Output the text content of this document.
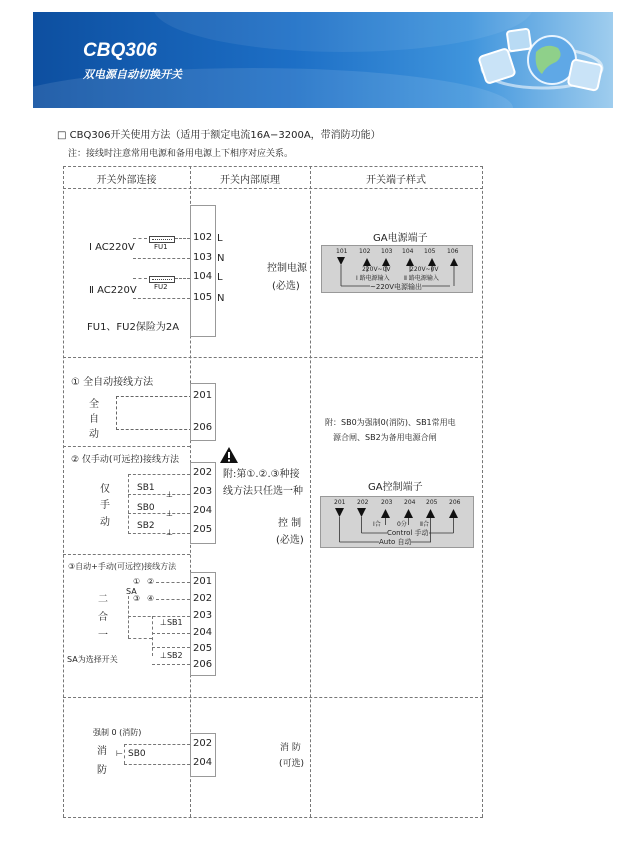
CBQ306
双电源自动切换开关
□ CBQ306开关使用方法（适用于额定电流16A−3200A，带消防功能）
注：接线时注意常用电源和备用电源上下相序对应关系。
开关外部连接	开关内部原理	开关端子样式
Ⅰ AC220V
Ⅱ AC220V
FU1
FU2
FU1、FU2保险为2A
102 L
103 N
104 L
105 N
控制电源
(必选)
GA电源端子
101 102 103 104 105 106
220V~0V	220V~0V
Ⅰ 路电源输入 Ⅱ 路电源输入
~220V电源输出
① 全自动接线方法
全
自
动
201
206
② 仅手动(可远控)接线方法
仅
手
动
SB1
SB0
SB2
⊥
⊥
⊥
202
203
204
205
③自动+手动(可远控)接线方法
二
合
一
SA
① ②
③ ④
⊥SB1
⊥SB2
SA为选择开关
201
202
203
204
205
206
附:第①.②.③种接
线方法只任选一种
控 制
(必选)
附：SB0为强制0(消防)、SB1常用电
源合闸、SB2为备用电源合闸
GA控制端子
201 202 203 204 205 206
Ⅰ合	0分 Ⅱ合
Control 手动
Auto 自动
强制 0 (消防)
消
防
⊢ SB0
202
204
消 防
(可选)
